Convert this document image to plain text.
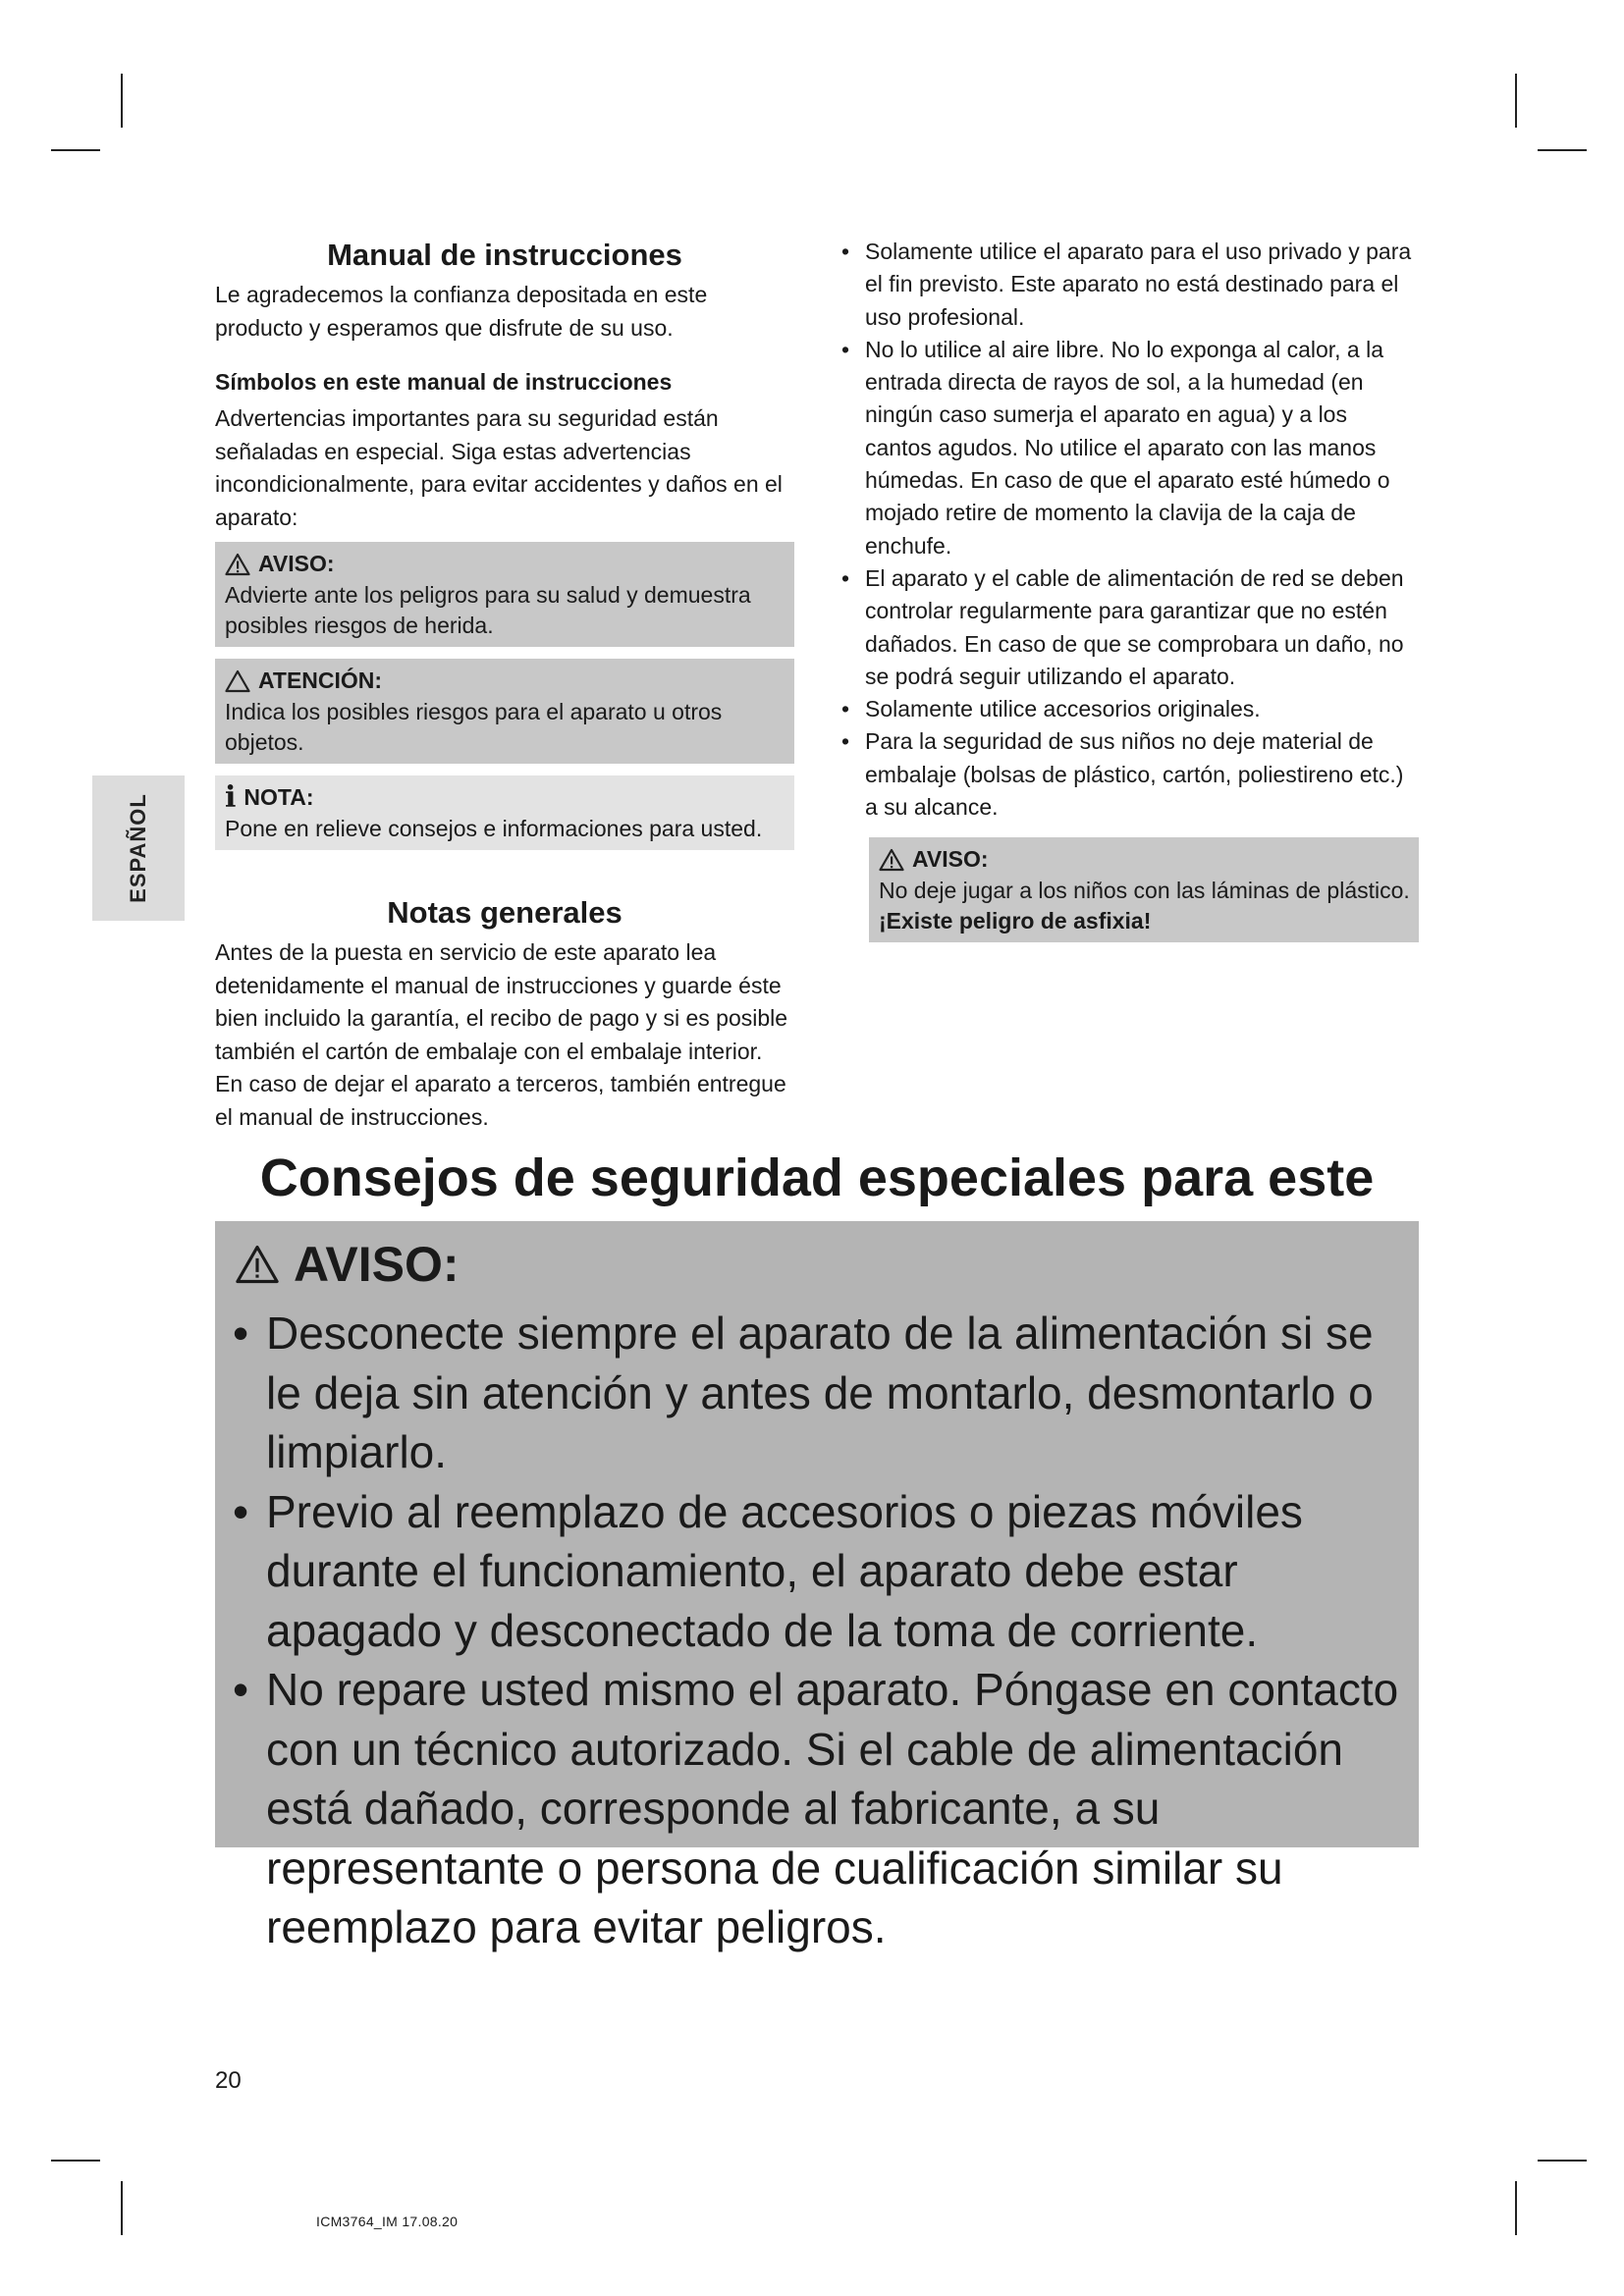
ESPAÑOL
Manual de instrucciones

Le agradecemos la confianza depositada en este producto y esperamos que disfrute de su uso.

Símbolos en este manual de instrucciones

Advertencias importantes para su seguridad están señaladas en especial. Siga estas advertencias incondicionalmente, para evitar accidentes y daños en el aparato:

AVISO:
Advierte ante los peligros para su salud y demuestra posibles riesgos de herida.
ATENCIÓN:
Indica los posibles riesgos para el aparato u otros objetos.
i NOTA:
Pone en relieve consejos e informaciones para usted.
Notas generales

Antes de la puesta en servicio de este aparato lea detenidamente el manual de instrucciones y guarde éste bien incluido la garantía, el recibo de pago y si es posible también el cartón de embalaje con el embalaje interior. En caso de dejar el aparato a terceros, también entregue el manual de instrucciones.

• Solamente utilice el aparato para el uso privado y para el fin previsto. Este aparato no está destinado para el uso profesional.
• No lo utilice al aire libre. No lo exponga al calor, a la entrada directa de rayos de sol, a la humedad (en ningún caso sumerja el aparato en agua) y a los cantos agudos. No utilice el aparato con las manos húmedas. En caso de que el aparato esté húmedo o mojado retire de momento la clavija de la caja de enchufe.
• El aparato y el cable de alimentación de red se deben controlar regularmente para garantizar que no estén dañados. En caso de que se comprobara un daño, no se podrá seguir utilizando el aparato.
• Solamente utilice accesorios originales.
• Para la seguridad de sus niños no deje material de embalaje (bolsas de plástico, cartón, poliestireno etc.) a su alcance.
AVISO:
No deje jugar a los niños con las láminas de plástico.
¡Existe peligro de asfixia!
Consejos de seguridad especiales para este
AVISO:
• Desconecte siempre el aparato de la alimentación si se le deja sin atención y antes de montarlo, desmontarlo o limpiarlo.
• Previo al reemplazo de accesorios o piezas móviles durante el funcionamiento, el aparato debe estar apagado y desconectado de la toma de corriente.
• No repare usted mismo el aparato. Póngase en contacto con un técnico autorizado. Si el cable de alimentación está dañado, corresponde al fabricante, a su representante o persona de cualificación similar su reemplazo para evitar peligros.
20
ICM3764_IM 17.08.20
